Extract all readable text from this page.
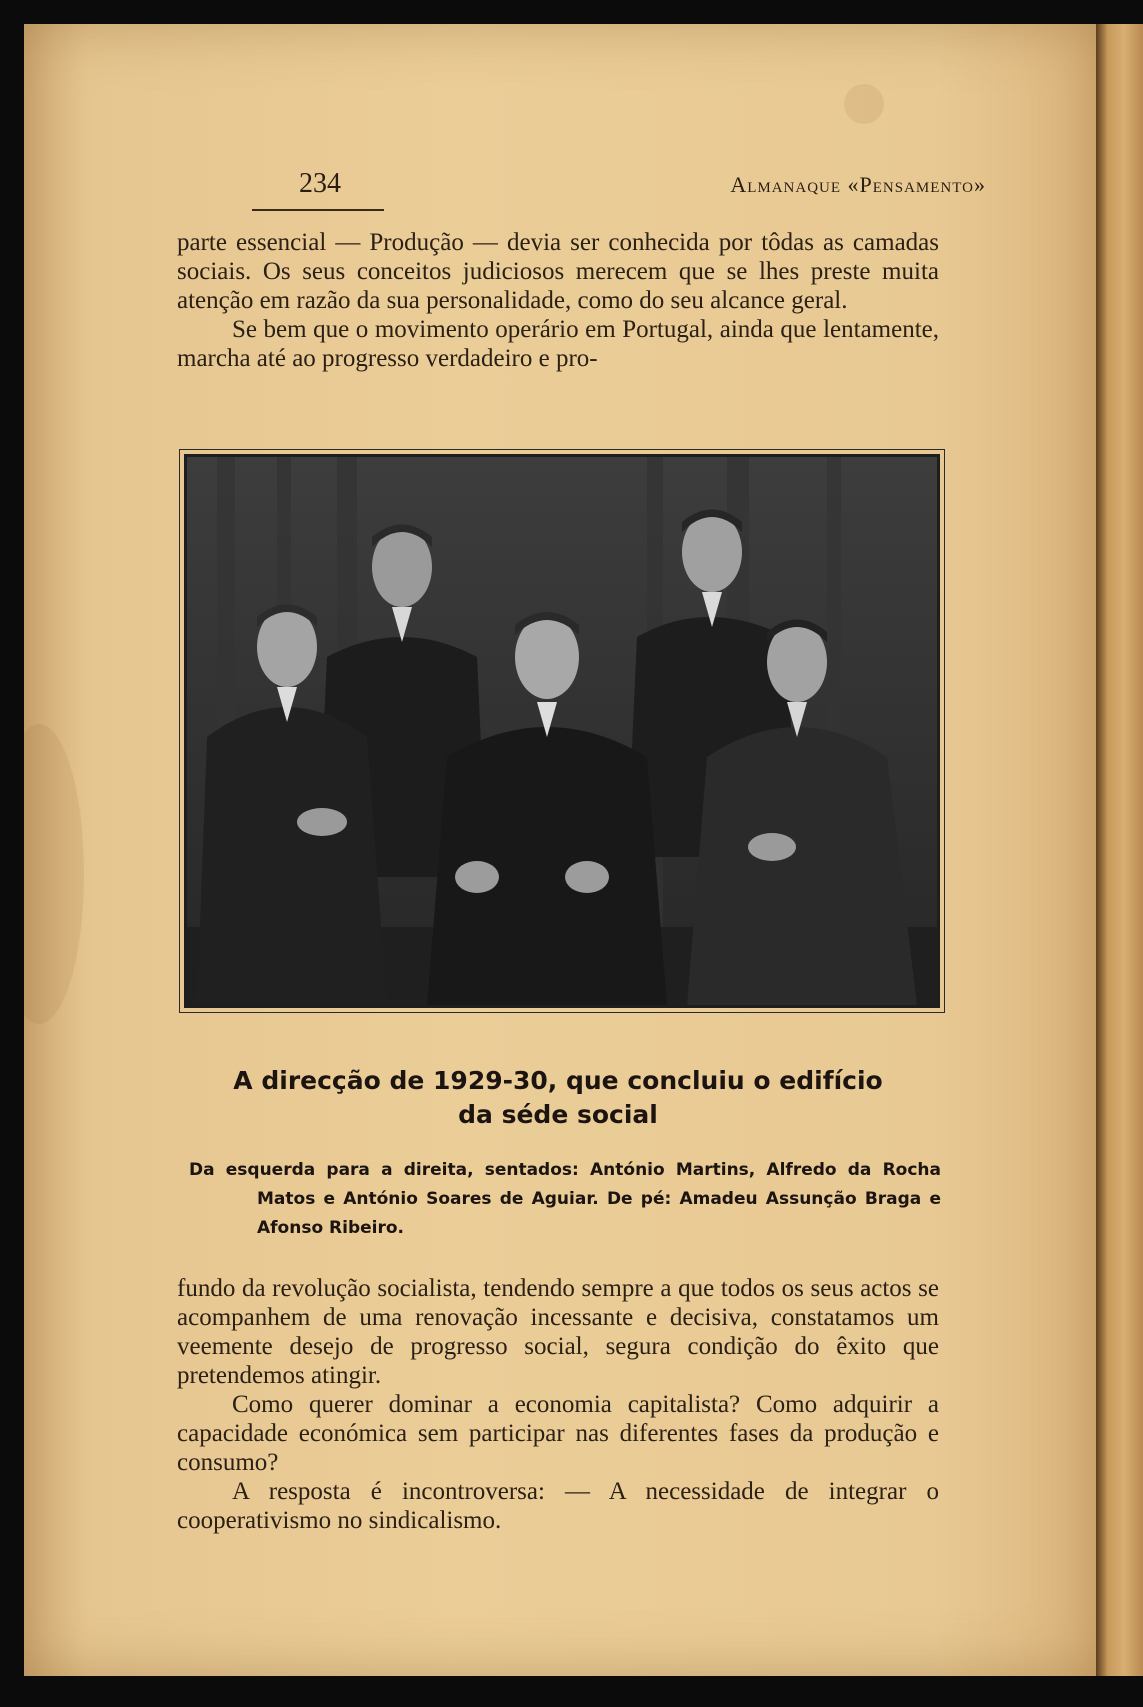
234	Almanaque «Pensamento»

parte essencial — Produção — devia ser conhecida por tôdas as camadas sociais. Os seus conceitos judiciosos merecem que se lhes preste muita atenção em razão da sua personalidade, como do seu alcance geral.

Se bem que o movimento operário em Portugal, ainda que lentamente, marcha até ao progresso verdadeiro e pro-

A direcção de 1929-30, que concluiu o edifício
da séde social
Da esquerda para a direita, sentados: António Martins, Alfredo da Rocha Matos e António Soares de Aguiar. De pé: Amadeu Assunção Braga e Afonso Ribeiro.

fundo da revolução socialista, tendendo sempre a que todos os seus actos se acompanhem de uma renovação incessante e decisiva, constatamos um veemente desejo de progresso social, segura condição do êxito que pretendemos atingir.

Como querer dominar a economia capitalista? Como adquirir a capacidade económica sem participar nas diferentes fases da produção e consumo?

A resposta é incontroversa: — A necessidade de integrar o cooperativismo no sindicalismo.
